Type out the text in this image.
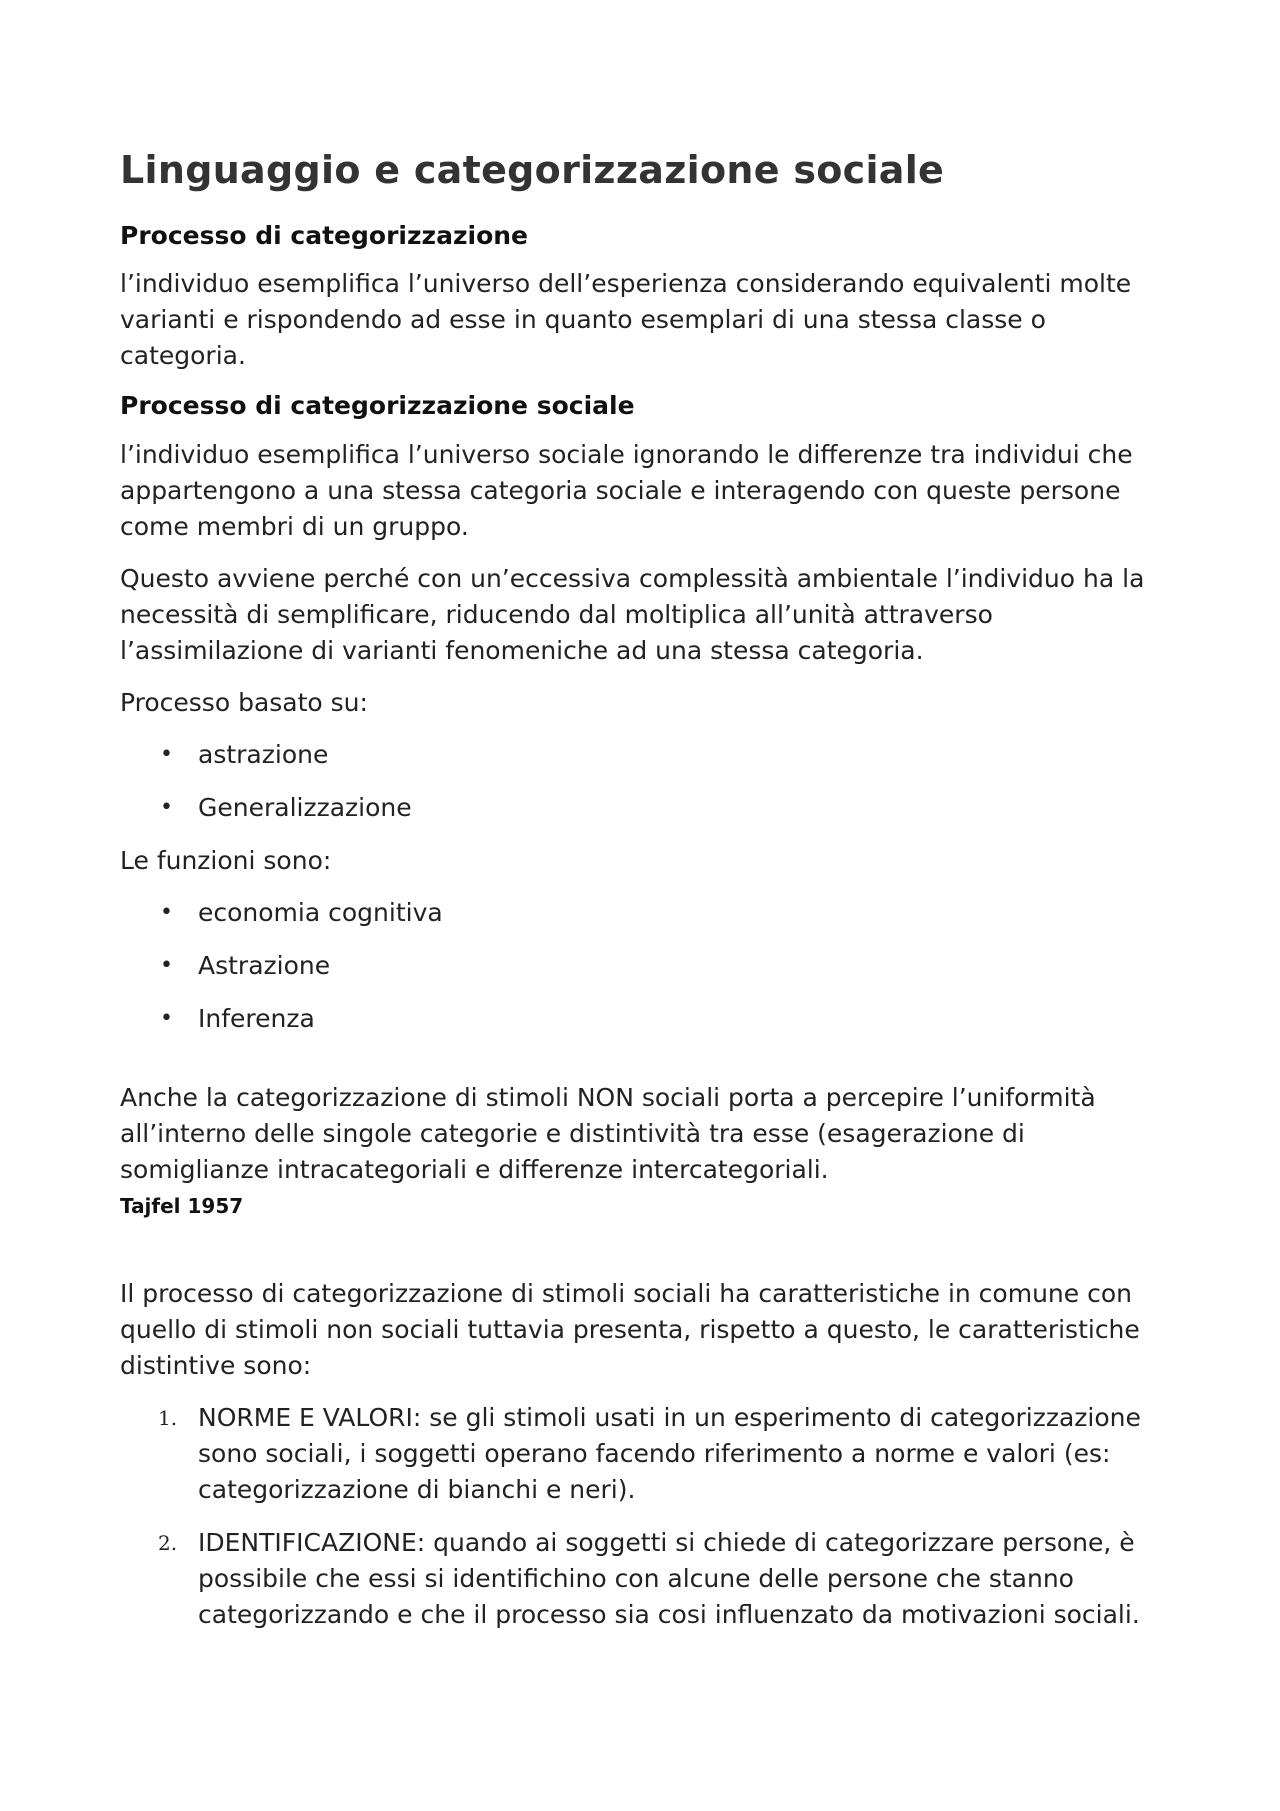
Linguaggio e categorizzazione sociale
Processo di categorizzazione

l’individuo esemplifica l’universo dell’esperienza considerando equivalenti molte varianti e rispondendo ad esse in quanto esemplari di una stessa classe o categoria.

Processo di categorizzazione sociale

l’individuo esemplifica l’universo sociale ignorando le differenze tra individui che appartengono a una stessa categoria sociale e interagendo con queste persone come membri di un gruppo.

Questo avviene perché con un’eccessiva complessità ambientale l’individuo ha la necessità di semplificare, riducendo dal moltiplica all’unità attraverso l’assimilazione di varianti fenomeniche ad una stessa categoria.

Processo basato su:

• astrazione
• Generalizzazione

Le funzioni sono:

• economia cognitiva
• Astrazione
• Inferenza

Anche la categorizzazione di stimoli NON sociali porta a percepire l’uniformità all’interno delle singole categorie e distintività tra esse (esagerazione di somiglianze intracategoriali e differenze intercategoriali.

Tajfel 1957

Il processo di categorizzazione di stimoli sociali ha caratteristiche in comune con quello di stimoli non sociali tuttavia presenta, rispetto a questo, le caratteristiche distintive sono:

1. NORME E VALORI: se gli stimoli usati in un esperimento di categorizzazione sono sociali, i soggetti operano facendo riferimento a norme e valori (es: categorizzazione di bianchi e neri).
2. IDENTIFICAZIONE: quando ai soggetti si chiede di categorizzare persone, è possibile che essi si identifichino con alcune delle persone che stanno categorizzando e che il processo sia cosi influenzato da motivazioni sociali.
